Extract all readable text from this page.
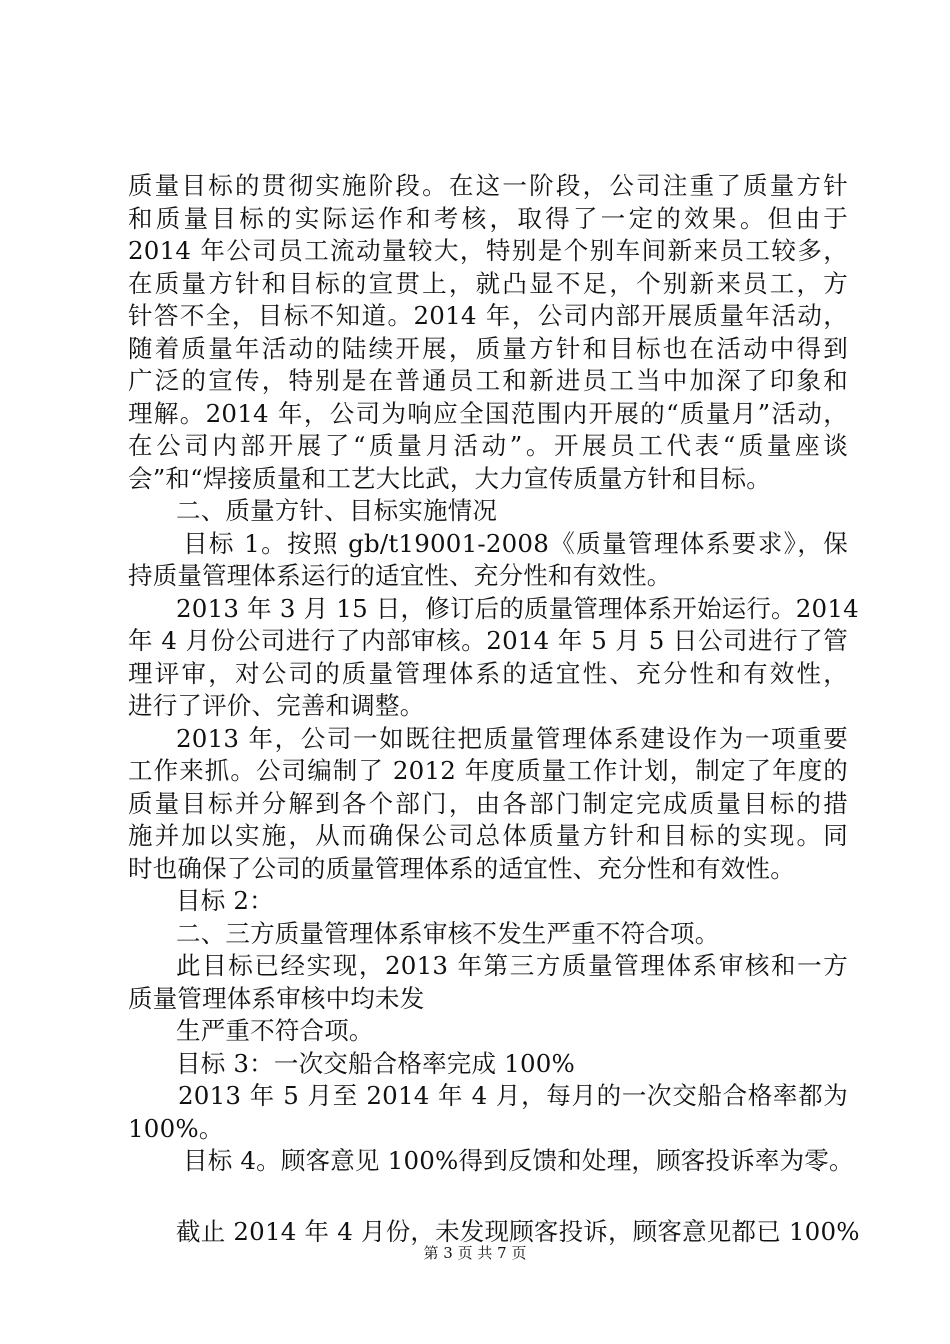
质量目标的贯彻实施阶段。在这一阶段，公司注重了质量方针
和质量目标的实际运作和考核，取得了一定的效果。但由于
2014 年公司员工流动量较大，特别是个别车间新来员工较多，
在质量方针和目标的宣贯上，就凸显不足，个别新来员工，方
针答不全，目标不知道。2014 年，公司内部开展质量年活动，
随着质量年活动的陆续开展，质量方针和目标也在活动中得到
广泛的宣传，特别是在普通员工和新进员工当中加深了印象和
理解。2014 年，公司为响应全国范围内开展的“质量月”活动，
在公司内部开展了“质量月活动”。开展员工代表“质量座谈
会”和“焊接质量和工艺大比武，大力宣传质量方针和目标。
二、质量方针、目标实施情况
目标 1。按照 gb/t19001-2008《质量管理体系要求》，保
持质量管理体系运行的适宜性、充分性和有效性。
2013 年 3 月 15 日，修订后的质量管理体系开始运行。2014
年 4 月份公司进行了内部审核。2014 年 5 月 5 日公司进行了管
理评审，对公司的质量管理体系的适宜性、充分性和有效性，
进行了评价、完善和调整。
2013 年，公司一如既往把质量管理体系建设作为一项重要
工作来抓。公司编制了 2012 年度质量工作计划，制定了年度的
质量目标并分解到各个部门，由各部门制定完成质量目标的措
施并加以实施，从而确保公司总体质量方针和目标的实现。同
时也确保了公司的质量管理体系的适宜性、充分性和有效性。
目标 2：
二、三方质量管理体系审核不发生严重不符合项。
此目标已经实现，2013 年第三方质量管理体系审核和一方
质量管理体系审核中均未发
生严重不符合项。
目标 3：一次交船合格率完成 100%
2013 年 5 月至 2014 年 4 月，每月的一次交船合格率都为
100%。
目标 4。顾客意见 100%得到反馈和处理，顾客投诉率为零。
截止 2014 年 4 月份，未发现顾客投诉，顾客意见都已 100%
第 3 页 共 7 页
